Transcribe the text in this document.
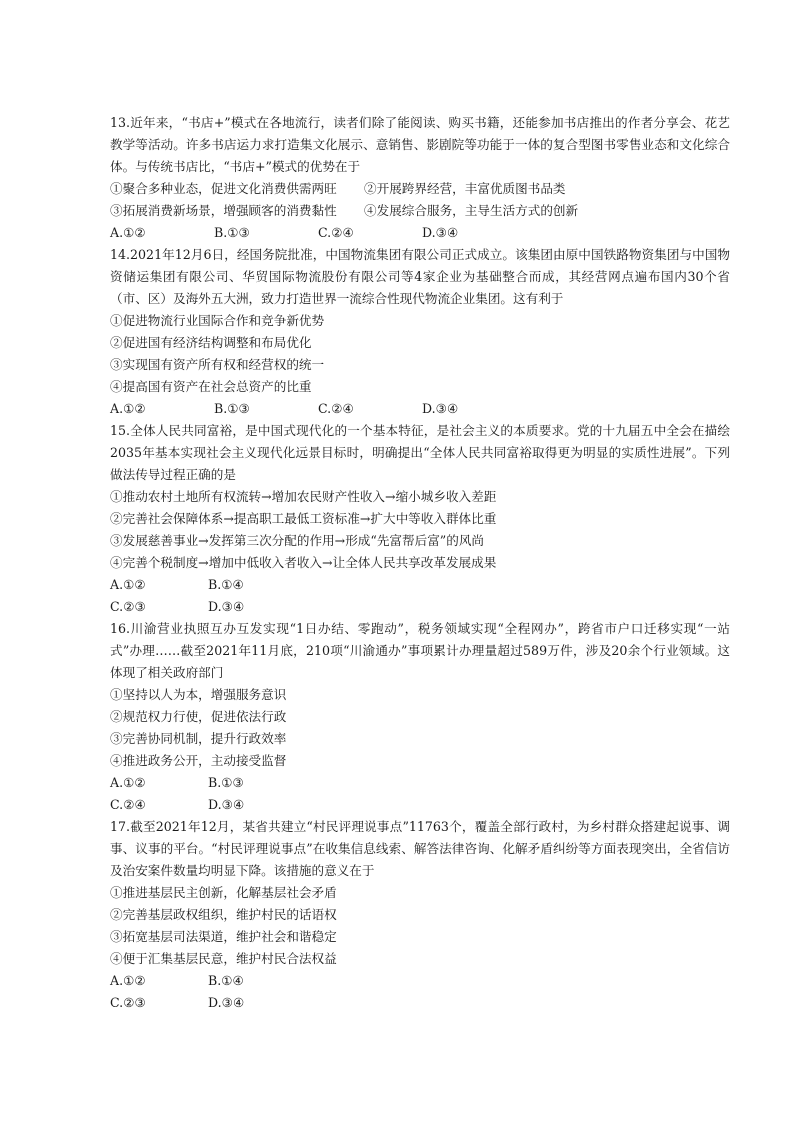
13.近年来，“书店+”模式在各地流行，读者们除了能阅读、购买书籍，还能参加书店推出的作者分享会、花艺教学等活动。许多书店运力求打造集文化展示、意销售、影剧院等功能于一体的复合型图书零售业态和文化综合体。与传统书店比，“书店+”模式的优势在于
①聚合多种业态，促进文化消费供需两旺	②开展跨界经营，丰富优质图书品类
③拓展消费新场景，增强顾客的消费黏性	④发展综合服务，主导生活方式的创新
A.①②	B.①③	C.②④	D.③④
14.2021年12月6日，经国务院批准，中国物流集团有限公司正式成立。该集团由原中国铁路物资集团与中国物资储运集团有限公司、华贸国际物流股份有限公司等4家企业为基础整合而成，其经营网点遍布国内30个省（市、区）及海外五大洲，致力打造世界一流综合性现代物流企业集团。这有利于
①促进物流行业国际合作和竞争新优势
②促进国有经济结构调整和布局优化
③实现国有资产所有权和经营权的统一
④提高国有资产在社会总资产的比重
A.①②	B.①③	C.②④	D.③④
15.全体人民共同富裕，是中国式现代化的一个基本特征，是社会主义的本质要求。党的十九届五中全会在描绘2035年基本实现社会主义现代化远景目标时，明确提出“全体人民共同富裕取得更为明显的实质性进展”。下列做法传导过程正确的是
①推动农村土地所有权流转→增加农民财产性收入→缩小城乡收入差距
②完善社会保障体系→提高职工最低工资标准→扩大中等收入群体比重
③发展慈善事业→发挥第三次分配的作用→形成“先富帮后富”的风尚
④完善个税制度→增加中低收入者收入→让全体人民共享改革发展成果
A.①②	B.①④
C.②③	D.③④
16.川渝营业执照互办互发实现“1日办结、零跑动”，税务领域实现“全程网办”，跨省市户口迁移实现“一站式”办理……截至2021年11月底，210项“川渝通办”事项累计办理量超过589万件，涉及20余个行业领域。这体现了相关政府部门
①坚持以人为本，增强服务意识
②规范权力行使，促进依法行政
③完善协同机制，提升行政效率
④推进政务公开，主动接受监督
A.①②	B.①③
C.②④	D.③④
17.截至2021年12月，某省共建立“村民评理说事点”11763个，覆盖全部行政村，为乡村群众搭建起说事、调事、议事的平台。“村民评理说事点”在收集信息线索、解答法律咨询、化解矛盾纠纷等方面表现突出，全省信访及治安案件数量均明显下降。该措施的意义在于
①推进基层民主创新，化解基层社会矛盾
②完善基层政权组织，维护村民的话语权
③拓宽基层司法渠道，维护社会和谐稳定
④便于汇集基层民意，维护村民合法权益
A.①②	B.①④
C.②③	D.③④
